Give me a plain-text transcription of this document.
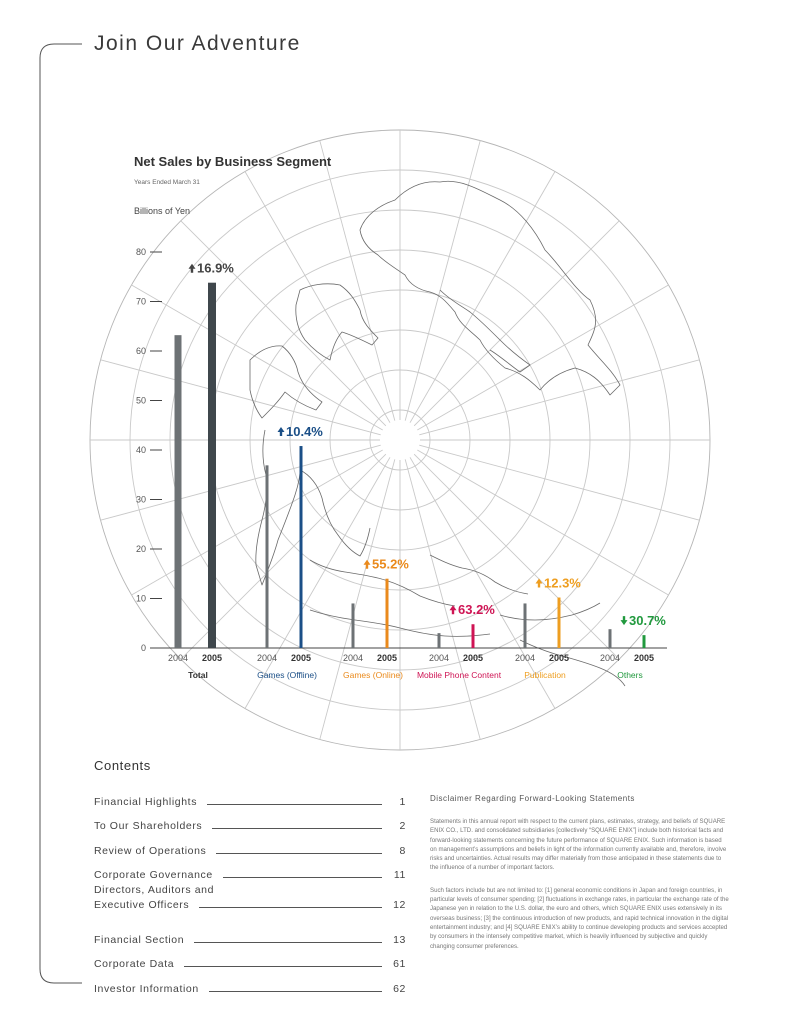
Join Our Adventure
Net Sales by Business Segment
Years Ended March 31
Billions of Yen
0
10
20
30
40
50
60
70
80
2004 2005
Total
16.9%
2004 2005
Games (Offline)
10.4%
2004 2005
Games (Online)
55.2%
2004 2005
Mobile Phone Content
63.2%
2004 2005
Publication
12.3%
2004 2005
Others
30.7%
Contents
Financial Highlights	1
To Our Shareholders	2
Review of Operations	8
Corporate Governance	11
Directors, Auditors and
Executive Officers	12
Financial Section	13
Corporate Data	61
Investor Information	62
Disclaimer Regarding Forward-Looking Statements

Statements in this annual report with respect to the current plans, estimates, strategy, and beliefs of SQUARE ENIX CO., LTD. and consolidated subsidiaries [collectively “SQUARE ENIX”] include both historical facts and forward-looking statements concerning the future performance of SQUARE ENIX. Such information is based on management’s assumptions and beliefs in light of the information currently available and, therefore, involve risks and uncertainties. Actual results may differ materially from those anticipated in these statements due to the influence of a number of important factors.

Such factors include but are not limited to: [1] general economic conditions in Japan and foreign countries, in particular levels of consumer spending; [2] fluctuations in exchange rates, in particular the exchange rate of the Japanese yen in relation to the U.S. dollar, the euro and others, which SQUARE ENIX uses extensively in its overseas business; [3] the continuous introduction of new products, and rapid technical innovation in the digital entertainment industry; and [4] SQUARE ENIX’s ability to continue developing products and services accepted by consumers in the intensely competitive market, which is heavily influenced by subjective and quickly changing consumer preferences.
